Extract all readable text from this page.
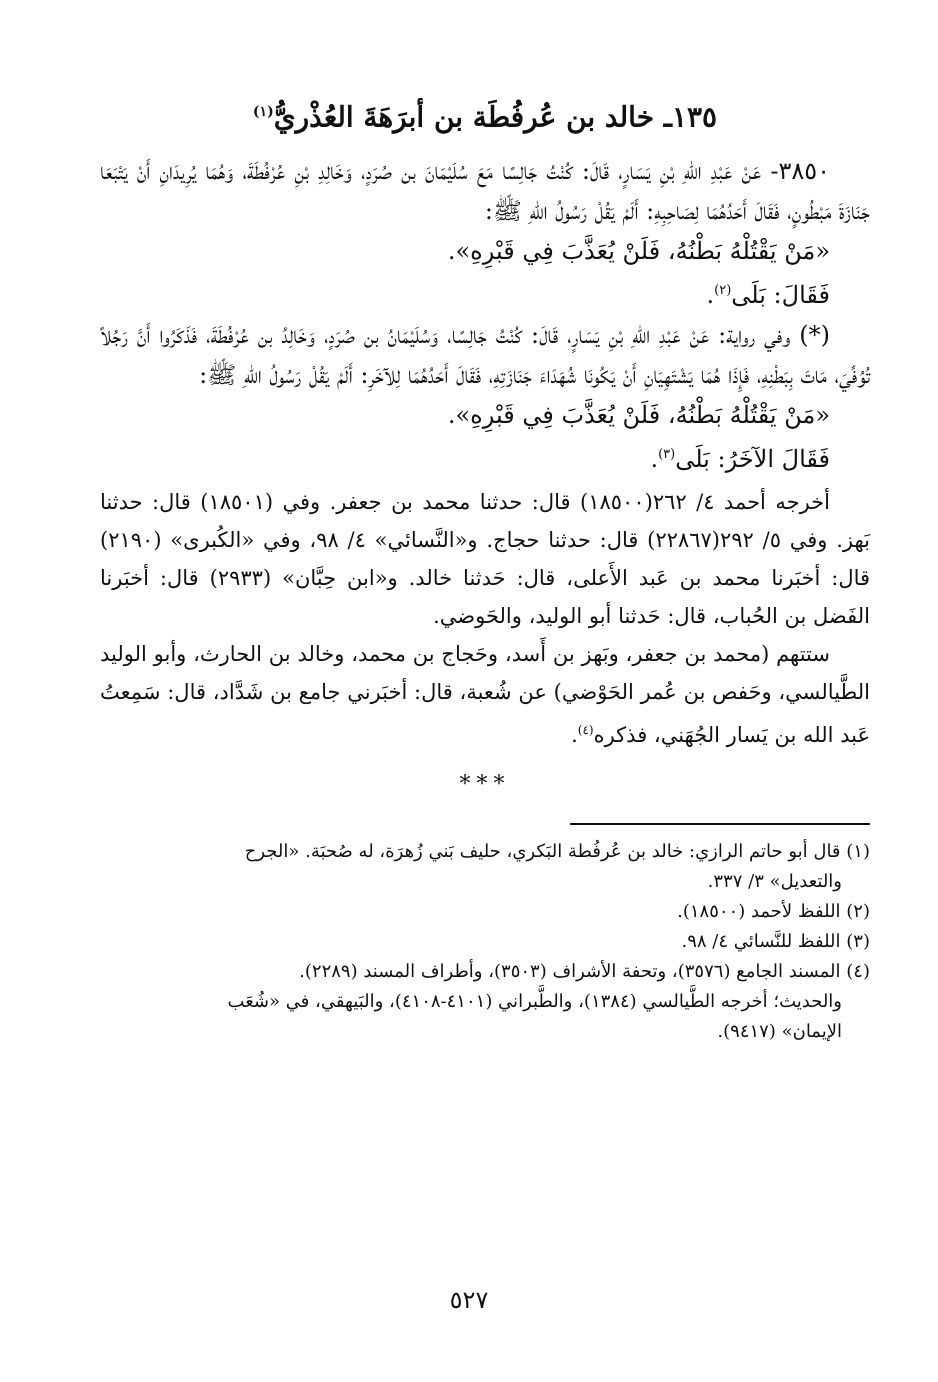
١٣٥ـ خالد بن عُرفُطَة بن أبرَهَةَ العُذْريُّ$^{(١)}$

٣٨٥٠- عَنْ عَبْدِ اللهِ بْنِ يَسَارٍ، قَالَ: كُنْتُ جَالِسًا مَعَ سُلَيْمَانَ بن صُرَدٍ، وَخَالِدِ بْنِ عُرْفُطَةَ، وَهُمَا يُرِيدَانِ أَنْ يَتْبَعَا جَنَازَةَ مَبْطُونٍ، فَقَالَ أَحَدُهُمَا لِصَاحِبِهِ: أَلَمْ يَقُلْ رَسُولُ اللهِ ﷺ:

«مَنْ يَقْتُلْهُ بَطْنُهُ، فَلَنْ يُعَذَّبَ فِي قَبْرِهِ».

فَقَالَ: بَلَى$^{(٢)}$.

(*) وفي رواية: عَنْ عَبْدِ اللهِ بْنِ يَسَارٍ، قَالَ: كُنْتُ جَالِسًا، وَسُلَيْمَانُ بن صُرَدٍ، وَخَالِدُ بن عُرْفُطَةَ، فَذَكَرُوا أَنَّ رَجُلاً تُوُفِّيَ، مَاتَ بِبَطْنِهِ، فَإِذَا هُمَا يَشْتَهِيَانِ أَنْ يَكُونَا شُهَدَاءَ جَنَازَتِهِ، فَقَالَ أَحَدُهُمَا لِلآخَرِ: أَلَمْ يَقُلْ رَسُولُ اللهِ ﷺ:

«مَنْ يَقْتُلْهُ بَطْنُهُ، فَلَنْ يُعَذَّبَ فِي قَبْرِهِ».

فَقَالَ الآخَرُ: بَلَى$^{(٣)}$.

أخرجه أحمد ٤/ ٢٦٢(١٨٥٠٠) قال: حدثنا محمد بن جعفر. وفي (١٨٥٠١) قال: حدثنا بَهز. وفي ٥/ ٢٩٢(٢٢٨٦٧) قال: حدثنا حجاج. و«النَّسائي» ٤/ ٩٨، وفي «الكُبرى» (٢١٩٠) قال: أخبَرنا محمد بن عَبد الأَعلى، قال: حَدثنا خالد. و«ابن حِبَّان» (٢٩٣٣) قال: أخبَرنا الفَضل بن الحُباب، قال: حَدثنا أبو الوليد، والحَوضي.

ستتهم (محمد بن جعفر، وبَهز بن أَسد، وحَجاج بن محمد، وخالد بن الحارث، وأبو الوليد الطَّيالسي، وحَفص بن عُمر الحَوْضي) عن شُعبة، قال: أخبَرني جامع بن شَدَّاد، قال: سَمِعتُ عَبد الله بن يَسار الجُهَني، فذكره$^{(٤)}$.

***

(١) قال أبو حاتم الرازي: خالد بن عُرفُطة البَكري، حليف بَني زُهرَة، له صُحبَة. «الجرح

والتعديل» ٣/ ٣٣٧.

(٢) اللفظ لأحمد (١٨٥٠٠).

(٣) اللفظ للنَّسائي ٤/ ٩٨.

(٤) المسند الجامع (٣٥٧٦)، وتحفة الأشراف (٣٥٠٣)، وأطراف المسند (٢٢٨٩).

والحديث؛ أخرجه الطَّيالسي (١٣٨٤)، والطَّبراني (٤١٠١-٤١٠٨)، والبَيهقي، في «شُعَب

الإيمان» (٩٤١٧).

٥٢٧
